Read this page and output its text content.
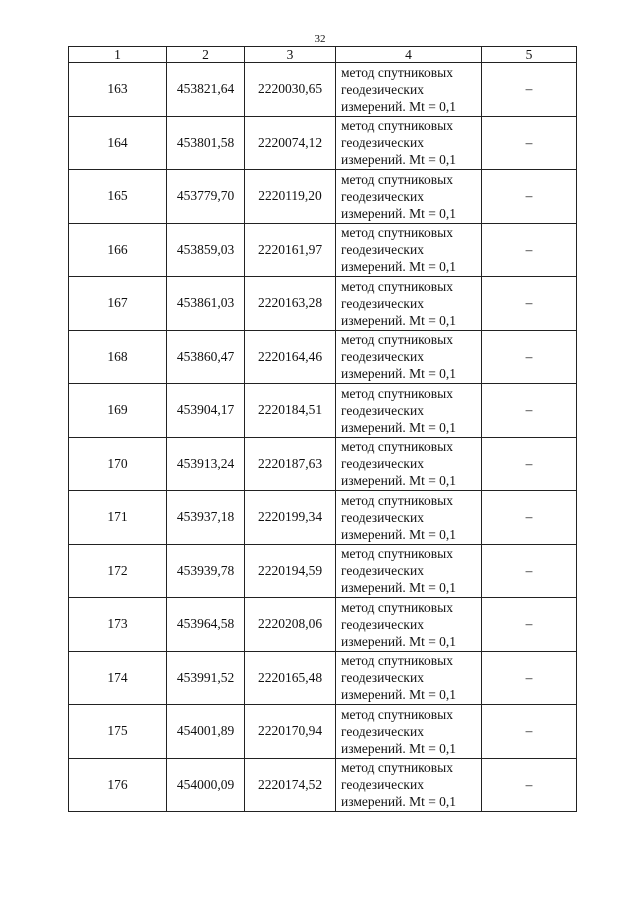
32
1	2	3	4	5
163	453821,64	2220030,65	метод спутниковых
геодезических
измерений. Mt = 0,1	–
164	453801,58	2220074,12	метод спутниковых
геодезических
измерений. Mt = 0,1	–
165	453779,70	2220119,20	метод спутниковых
геодезических
измерений. Mt = 0,1	–
166	453859,03	2220161,97	метод спутниковых
геодезических
измерений. Mt = 0,1	–
167	453861,03	2220163,28	метод спутниковых
геодезических
измерений. Mt = 0,1	–
168	453860,47	2220164,46	метод спутниковых
геодезических
измерений. Mt = 0,1	–
169	453904,17	2220184,51	метод спутниковых
геодезических
измерений. Mt = 0,1	–
170	453913,24	2220187,63	метод спутниковых
геодезических
измерений. Mt = 0,1	–
171	453937,18	2220199,34	метод спутниковых
геодезических
измерений. Mt = 0,1	–
172	453939,78	2220194,59	метод спутниковых
геодезических
измерений. Mt = 0,1	–
173	453964,58	2220208,06	метод спутниковых
геодезических
измерений. Mt = 0,1	–
174	453991,52	2220165,48	метод спутниковых
геодезических
измерений. Mt = 0,1	–
175	454001,89	2220170,94	метод спутниковых
геодезических
измерений. Mt = 0,1	–
176	454000,09	2220174,52	метод спутниковых
геодезических
измерений. Mt = 0,1	–
